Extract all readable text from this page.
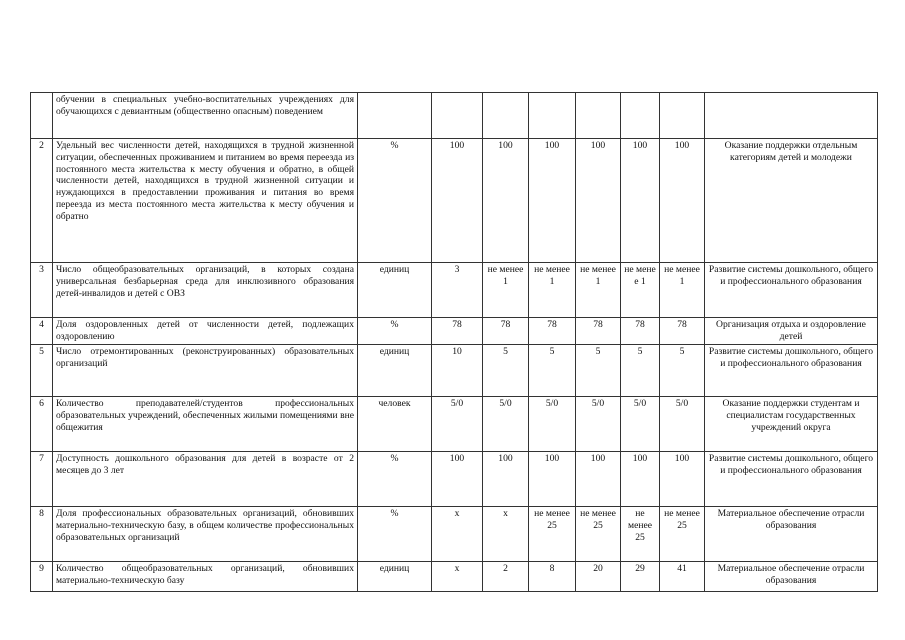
	обучении в специальных учебно-воспитательных учреждениях для обучающихся с девиантным (общественно опасным) поведением								
2	Удельный вес численности детей, находящихся в трудной жизненной ситуации, обеспеченных проживанием и питанием во время переезда из постоянного места жительства к месту обучения и обратно, в общей численности детей, находящихся в трудной жизненной ситуации и нуждающихся в предоставлении проживания и питания во время переезда из места постоянного места жительства к месту обучения и обратно	%	100	100	100	100	100	100	Оказание поддержки отдельным категориям детей и молодежи
3	Число общеобразовательных организаций, в которых создана универсальная безбарьерная среда для инклюзивного образования детей-инвалидов и детей с ОВЗ	единиц	3	не менее 1	не менее 1	не менее 1	не мене е 1	не менее 1	Развитие системы дошкольного, общего и профессионального образования
4	Доля оздоровленных детей от численности детей, подлежащих оздоровлению	%	78	78	78	78	78	78	Организация отдыха и оздоровление детей
5	Число отремонтированных (реконструированных) образовательных организаций	единиц	10	5	5	5	5	5	Развитие системы дошкольного, общего и профессионального образования
6	Количество преподавателей/студентов профессиональных образовательных учреждений, обеспеченных жилыми помещениями вне общежития	человек	5/0	5/0	5/0	5/0	5/0	5/0	Оказание поддержки студентам и специалистам государственных учреждений округа
7	Доступность дошкольного образования для детей в возрасте от 2 месяцев до 3 лет	%	100	100	100	100	100	100	Развитие системы дошкольного, общего и профессионального образования
8	Доля профессиональных образовательных организаций, обновивших материально-техническую базу, в общем количестве профессиональных образовательных организаций	%	х	х	не менее 25	не менее 25	не менее 25	не менее 25	Материальное обеспечение отрасли образования
9	Количество общеобразовательных организаций, обновивших материально-техническую базу	единиц	х	2	8	20	29	41	Материальное обеспечение отрасли образования
